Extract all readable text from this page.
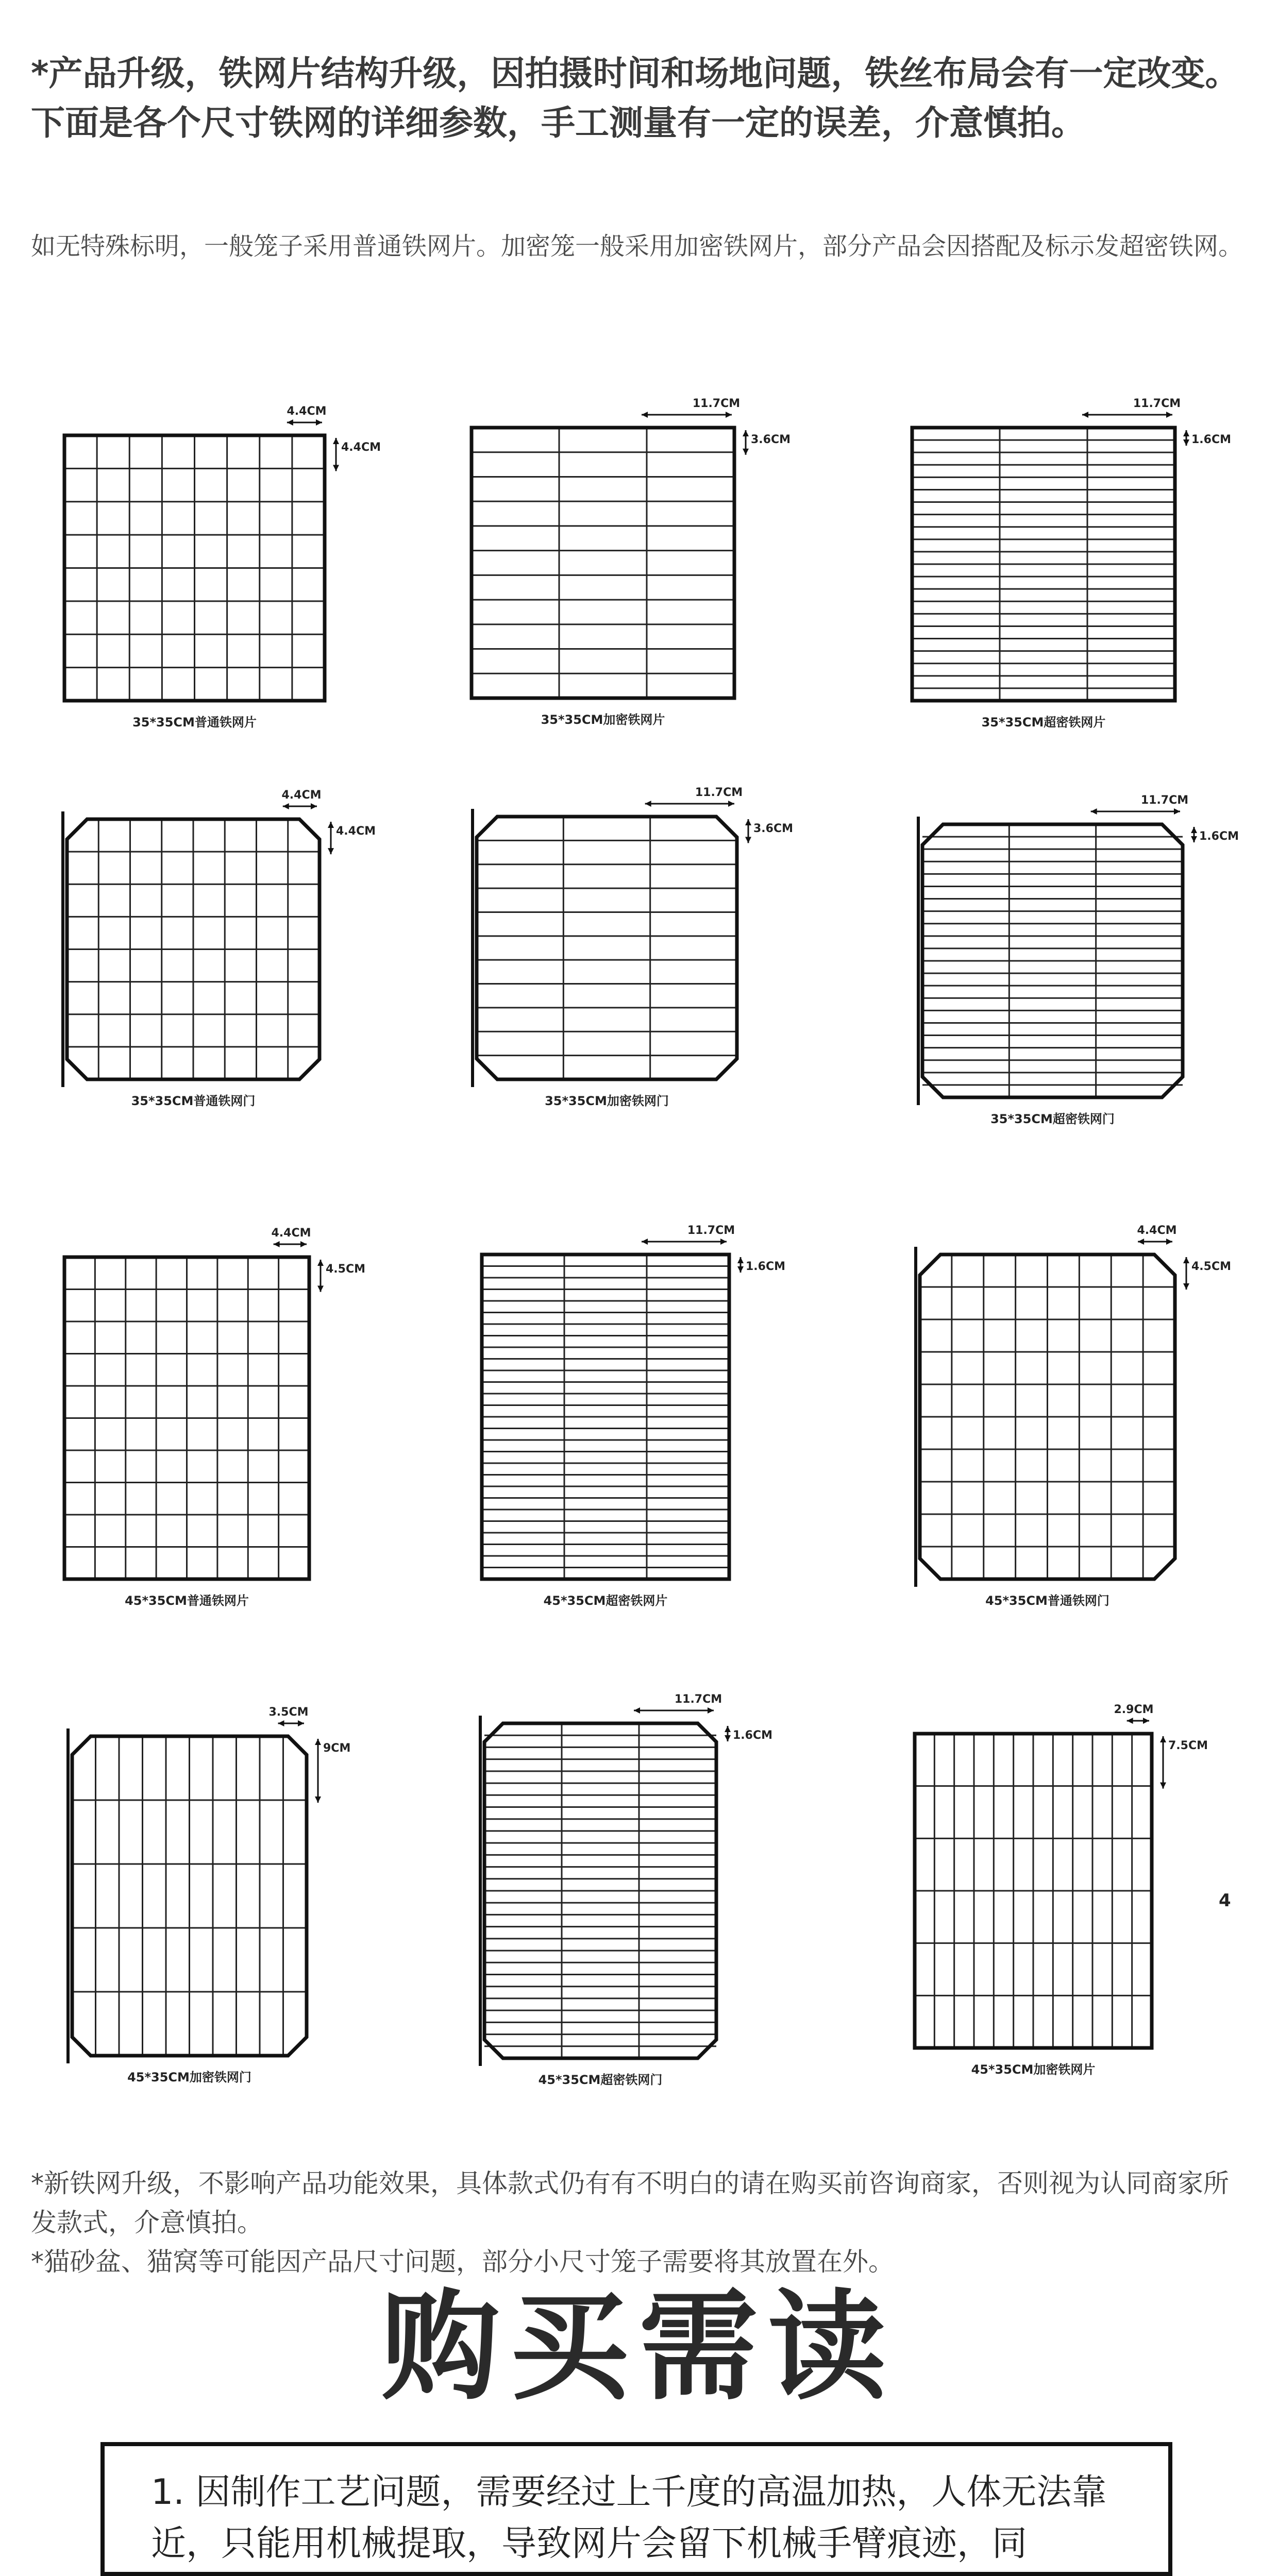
*产品升级，铁网片结构升级，因拍摄时间和场地问题，铁丝布局会有一定改变。下面是各个尺寸铁网的详细参数，手工测量有一定的误差，介意慎拍。
如无特殊标明，一般笼子采用普通铁网片。加密笼一般采用加密铁网片，部分产品会因搭配及标示发超密铁网。
4.4CM
4.4CM
35*35CM普通铁网片
11.7CM
3.6CM
35*35CM加密铁网片
11.7CM
1.6CM
35*35CM超密铁网片
4.4CM
4.4CM
35*35CM普通铁网门
11.7CM
3.6CM
35*35CM加密铁网门
11.7CM
1.6CM
35*35CM超密铁网门
4.4CM
4.5CM
45*35CM普通铁网片
11.7CM
1.6CM
45*35CM超密铁网片
4.4CM
4.5CM
45*35CM普通铁网门
3.5CM
9CM
45*35CM加密铁网门
11.7CM
1.6CM
45*35CM超密铁网门
2.9CM
7.5CM
45*35CM加密铁网片
4

*新铁网升级，不影响产品功能效果，具体款式仍有有不明白的请在购买前咨询商家，否则视为认同商家所发款式，介意慎拍。

*猫砂盆、猫窝等可能因产品尺寸问题，部分小尺寸笼子需要将其放置在外。

购买需读
1. 因制作工艺问题，需要经过上千度的高温加热，人体无法靠近，只能用机械提取，导致网片会留下机械手臂痕迹，同
